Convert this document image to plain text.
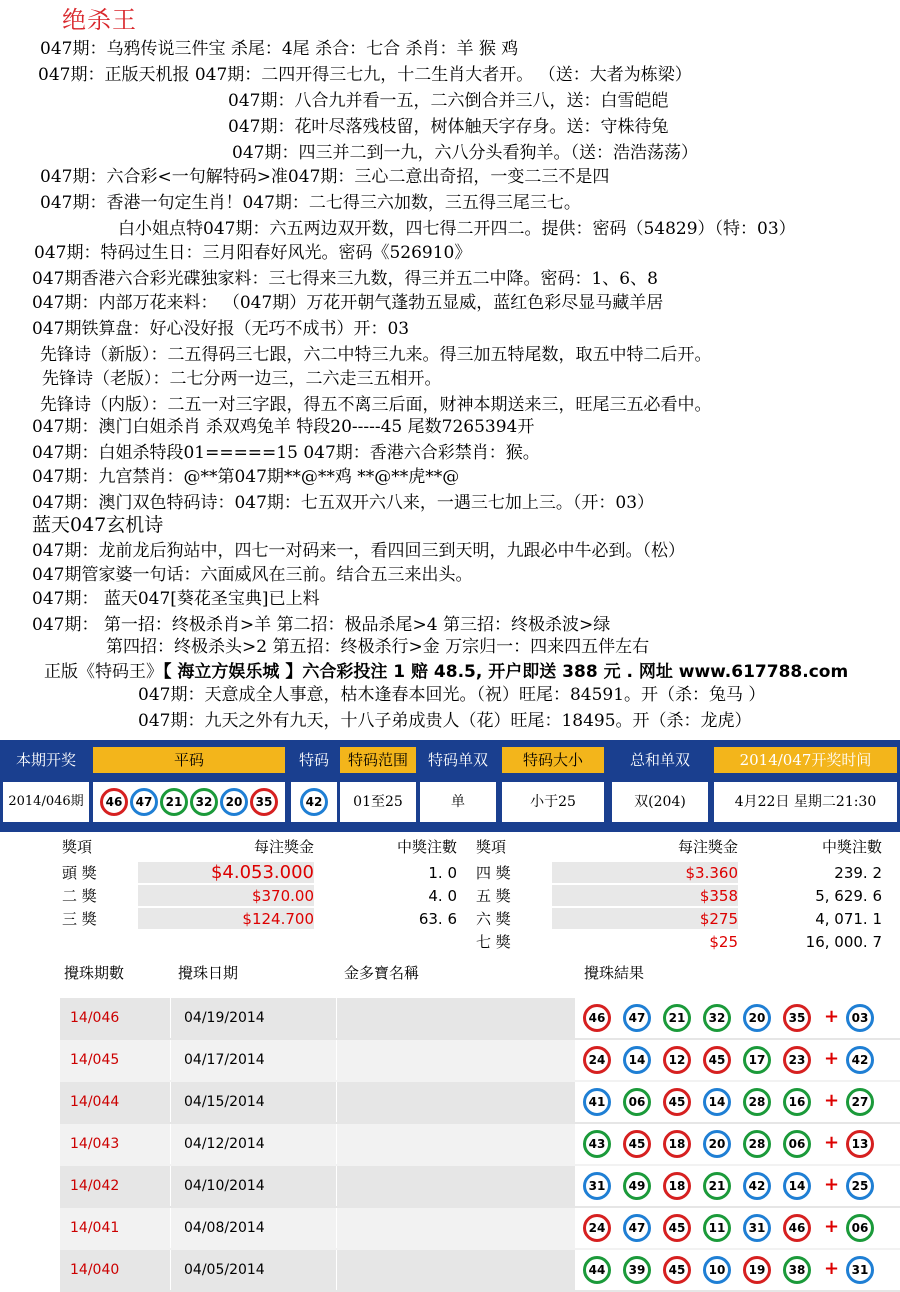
绝杀王
047期：乌鸦传说三件宝 杀尾：4尾 杀合：七合 杀肖：羊 猴 鸡
047期：正版天机报 047期：二四开得三七九，十二生肖大者开。 （送：大者为栋梁）
047期：八合九并看一五，二六倒合并三八，送：白雪皑皑
047期：花叶尽落残枝留，树体触天字存身。送：守株待兔
047期：四三并二到一九，六八分头看狗羊。（送：浩浩荡荡）
047期：六合彩<一句解特码>准047期：三心二意出奇招，一变二三不是四
047期：香港一句定生肖！047期：二七得三六加数，三五得三尾三七。
白小姐点特047期：六五两边双开数，四七得二开四二。提供：密码（54829）（特：03）
047期：特码过生日：三月阳春好风光。密码《526910》
047期香港六合彩光碟独家料：三七得来三九数，得三并五二中降。密码：1、6、8
047期：内部万花来料： （047期）万花开朝气蓬勃五显威，蓝红色彩尽显马藏羊居
047期铁算盘：好心没好报（无巧不成书）开：03
先锋诗（新版）：二五得码三七跟，六二中特三九来。得三加五特尾数，取五中特二后开。
先锋诗（老版）：二七分两一边三，二六走三五相开。
先锋诗（内版）：二五一对三字跟，得五不离三后面，财神本期送来三，旺尾三五必看中。
047期：澳门白姐杀肖 杀双鸡兔羊 特段20-----45 尾数7265394开
047期：白姐杀特段01=====15 047期：香港六合彩禁肖：猴。
047期：九宫禁肖：@**第047期**@**鸡 **@**虎**@
047期：澳门双色特码诗：047期：七五双开六八来，一遇三七加上三。（开：03）
蓝天047玄机诗
047期：龙前龙后狗站中，四七一对码来一，看四回三到天明，九跟必中牛必到。（松）
047期管家婆一句话：六面威风在三前。结合五三来出头。
047期： 蓝天047[葵花圣宝典]已上料
047期： 第一招：终极杀肖>羊 第二招：极品杀尾>4 第三招：终极杀波>绿
第四招：终极杀头>2 第五招：终极杀行>金 万宗归一：四来四五伴左右
正版《特码王》【 海立方娱乐城 】六合彩投注 1 赔 48.5, 开户即送 388 元 . 网址 www.617788.com
047期：天意成全人事意，枯木逢春本回光。（祝）旺尾：84591。开（杀：兔马 ）
047期：九天之外有九天，十八子弟成贵人（花）旺尾：18495。开（杀：龙虎）
本期开奖	平码	特码	特码范围	特码单双	特码大小	总和单双	2014/047开奖时间
2014/046期	46 47 21 32 20 35	42	01至25	单	小于25	双(204)	4月22日 星期二21:30
獎項	每注獎金	中獎注數 獎項	每注獎金	中獎注數
頭 獎	$4.053.000	1. 0
二 獎	$370.00	4. 0
三 獎	$124.700	63. 6
四 獎	$3.360	239. 2
五 獎	$358	5, 629. 6
六 獎	$275	4, 071. 1
七 獎	$25	16, 000. 7
攪珠期數	攪珠日期	金多寶名稱	攪珠結果
14/046	04/19/2014	46	47	21	32	20	35	+	03
14/045	04/17/2014	24	14	12	45	17	23	+	42
14/044	04/15/2014	41	06	45	14	28	16	+	27
14/043	04/12/2014	43	45	18	20	28	06	+	13
14/042	04/10/2014	31	49	18	21	42	14	+	25
14/041	04/08/2014	24	47	45	11	31	46	+	06
14/040	04/05/2014	44	39	45	10	19	38	+	31
